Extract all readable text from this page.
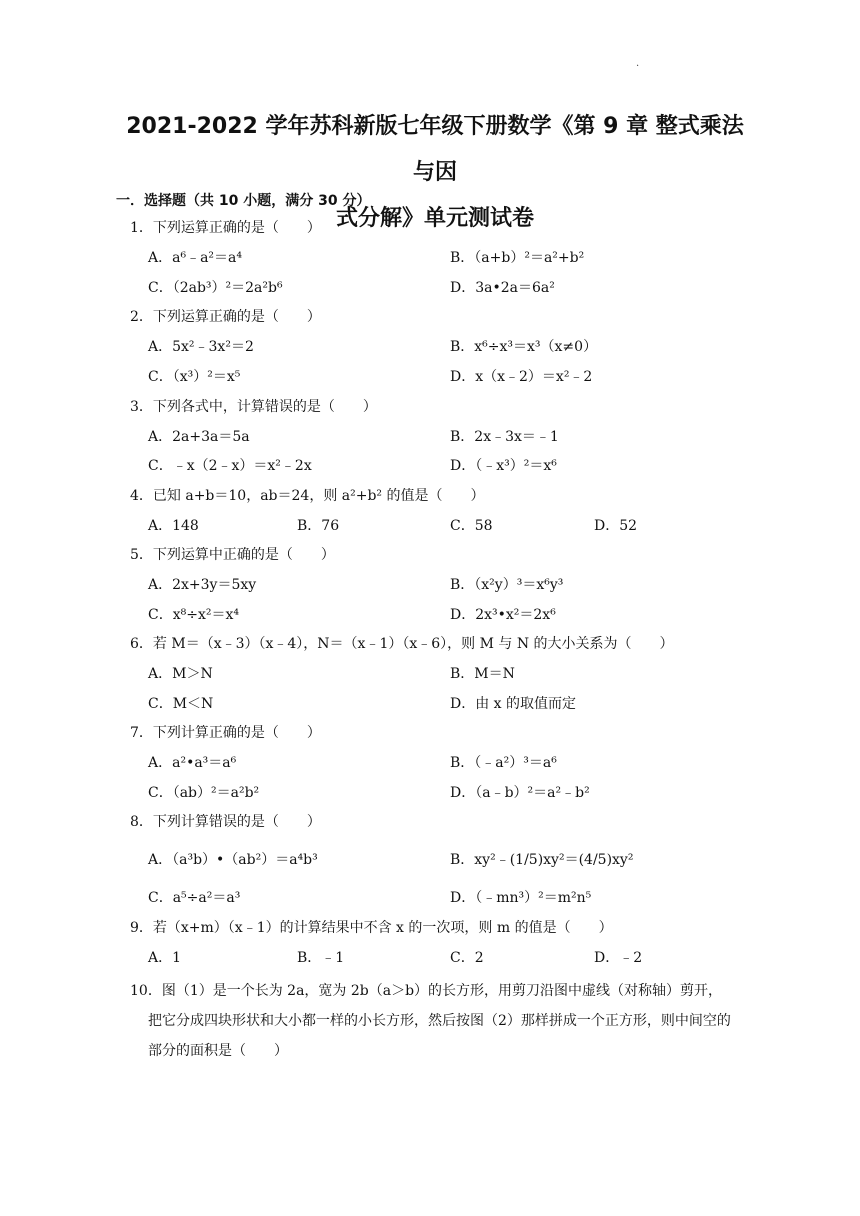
.
2021-2022 学年苏科新版七年级下册数学《第 9 章 整式乘法与因
式分解》单元测试卷
一．选择题（共 10 小题，满分 30 分）
1．下列运算正确的是（　　）
A．a⁶﹣a²＝a⁴	B．（a+b）²＝a²+b²
C．（2ab³）²＝2a²b⁶	D．3a•2a＝6a²
2．下列运算正确的是（　　）
A．5x²﹣3x²＝2	B．x⁶÷x³＝x³（x≠0）
C．（x³）²＝x⁵	D．x（x﹣2）＝x²﹣2
3．下列各式中，计算错误的是（　　）
A．2a+3a＝5a	B．2x﹣3x＝﹣1
C．﹣x（2﹣x）＝x²﹣2x	D．（﹣x³）²＝x⁶
4．已知 a+b＝10，ab＝24，则 a²+b² 的值是（　　）
A．148	B．76	C．58	D．52
5．下列运算中正确的是（　　）
A．2x+3y＝5xy	B．（x²y）³＝x⁶y³
C．x⁸÷x²＝x⁴	D．2x³•x²＝2x⁶
6．若 M＝（x﹣3）（x﹣4），N＝（x﹣1）（x﹣6），则 M 与 N 的大小关系为（　　）
A．M＞N	B．M＝N
C．M＜N	D．由 x 的取值而定
7．下列计算正确的是（　　）
A．a²•a³＝a⁶	B．（﹣a²）³＝a⁶
C．（ab）²＝a²b²	D．（a﹣b）²＝a²﹣b²
8．下列计算错误的是（　　）
A．（a³b）•（ab²）＝a⁴b³	B．xy²﹣(1/5)xy²＝(4/5)xy²
C．a⁵÷a²＝a³	D．（﹣mn³）²＝m²n⁵
9．若（x+m）（x﹣1）的计算结果中不含 x 的一次项，则 m 的值是（　　）
A．1	B．﹣1	C．2	D．﹣2
10．图（1）是一个长为 2a，宽为 2b（a＞b）的长方形，用剪刀沿图中虚线（对称轴）剪开，
把它分成四块形状和大小都一样的小长方形，然后按图（2）那样拼成一个正方形，则中间空的部分的面积是（　　）
